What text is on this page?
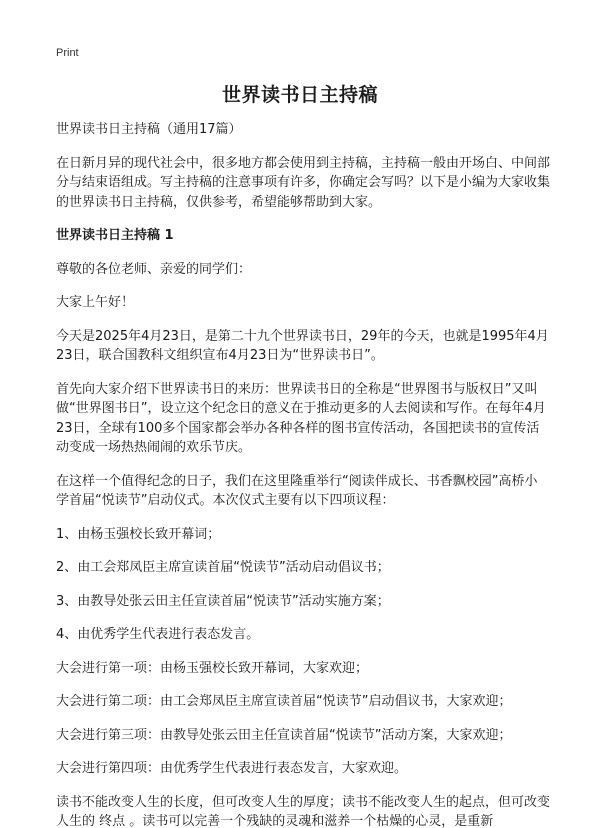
Print
世界读书日主持稿

世界读书日主持稿（通用17篇）

在日新月异的现代社会中，很多地方都会使用到主持稿，主持稿一般由开场白、中间部分与结束语组成。写主持稿的注意事项有许多，你确定会写吗？以下是小编为大家收集的世界读书日主持稿，仅供参考，希望能够帮助到大家。

世界读书日主持稿 1

尊敬的各位老师、亲爱的同学们：

大家上午好！

今天是2025年4月23日，是第二十九个世界读书日，29年的今天，也就是1995年4月23日，联合国教科文组织宣布4月23日为“世界读书日”。

首先向大家介绍下世界读书日的来历：世界读书日的全称是“世界图书与版权日”又叫做“世界图书日”，设立这个纪念日的意义在于推动更多的人去阅读和写作。在每年4月23日，全球有100多个国家都会举办各种各样的图书宣传活动，各国把读书的宣传活动变成一场热热闹闹的欢乐节庆。

在这样一个值得纪念的日子，我们在这里隆重举行“阅读伴成长、书香飘校园”高桥小学首届“悦读节”启动仪式。本次仪式主要有以下四项议程：

1、由杨玉强校长致开幕词；

2、由工会郑凤臣主席宣读首届“悦读节”活动启动倡议书；

3、由教导处张云田主任宣读首届“悦读节”活动实施方案；

4、由优秀学生代表进行表态发言。

大会进行第一项：由杨玉强校长致开幕词，大家欢迎；

大会进行第二项：由工会郑凤臣主席宣读首届“悦读节”启动倡议书，大家欢迎；

大会进行第三项：由教导处张云田主任宣读首届“悦读节”活动方案，大家欢迎；

大会进行第四项：由优秀学生代表进行表态发言，大家欢迎。

读书不能改变人生的长度，但可改变人生的厚度；读书不能改变人生的起点，但可改变人生的 终点 。读书可以完善一个残缺的灵魂和滋养一个枯燥的心灵，是重新
